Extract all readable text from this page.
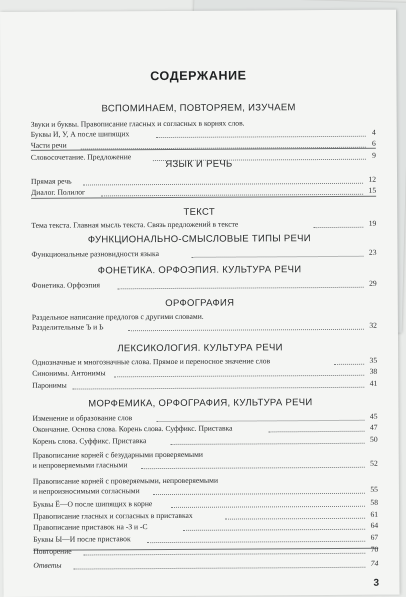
СОДЕРЖАНИЕ
ВСПОМИНАЕМ, ПОВТОРЯЕМ, ИЗУЧАЕМ
ЯЗЫК И РЕЧЬ
ТЕКСТ
ФУНКЦИОНАЛЬНО-СМЫСЛОВЫЕ ТИПЫ РЕЧИ
ФОНЕТИКА. ОРФОЭПИЯ. КУЛЬТУРА РЕЧИ
ОРФОГРАФИЯ
ЛЕКСИКОЛОГИЯ. КУЛЬТУРА РЕЧИ
МОРФЕМИКА, ОРФОГРАФИЯ, КУЛЬТУРА РЕЧИ
Звуки и буквы. Правописание гласных и согласных в корнях слов.
Буквы И, У, А после шипящих	4
Части речи	6
Словосочетание. Предложение	9
Прямая речь	12
Диалог. Полилог	15
Тема текста. Главная мысль текста. Связь предложений в тексте	19
Функциональные разновидности языка	23
Фонетика. Орфоэпия	29
Раздельное написание предлогов с другими словами.
Разделительные Ъ и Ь	32
Однозначные и многозначные слова. Прямое и переносное значение слов	35
Синонимы. Антонимы	38
Паронимы	41
Изменение и образование слов	45
Окончание. Основа слова. Корень слова. Суффикс. Приставка	47
Корень слова. Суффикс. Приставка	50
Правописание корней с безударными проверяемыми
и непроверяемыми гласными	52
Правописание корней с проверяемыми, непроверяемыми
и непроизносимыми согласными	55
Буквы Ё—О после шипящих в корне	58
Правописание гласных и согласных в приставках	61
Правописание приставок на -З и -С	64
Буквы Ы—И после приставок	67
Повторение	70
Ответы	74
3
